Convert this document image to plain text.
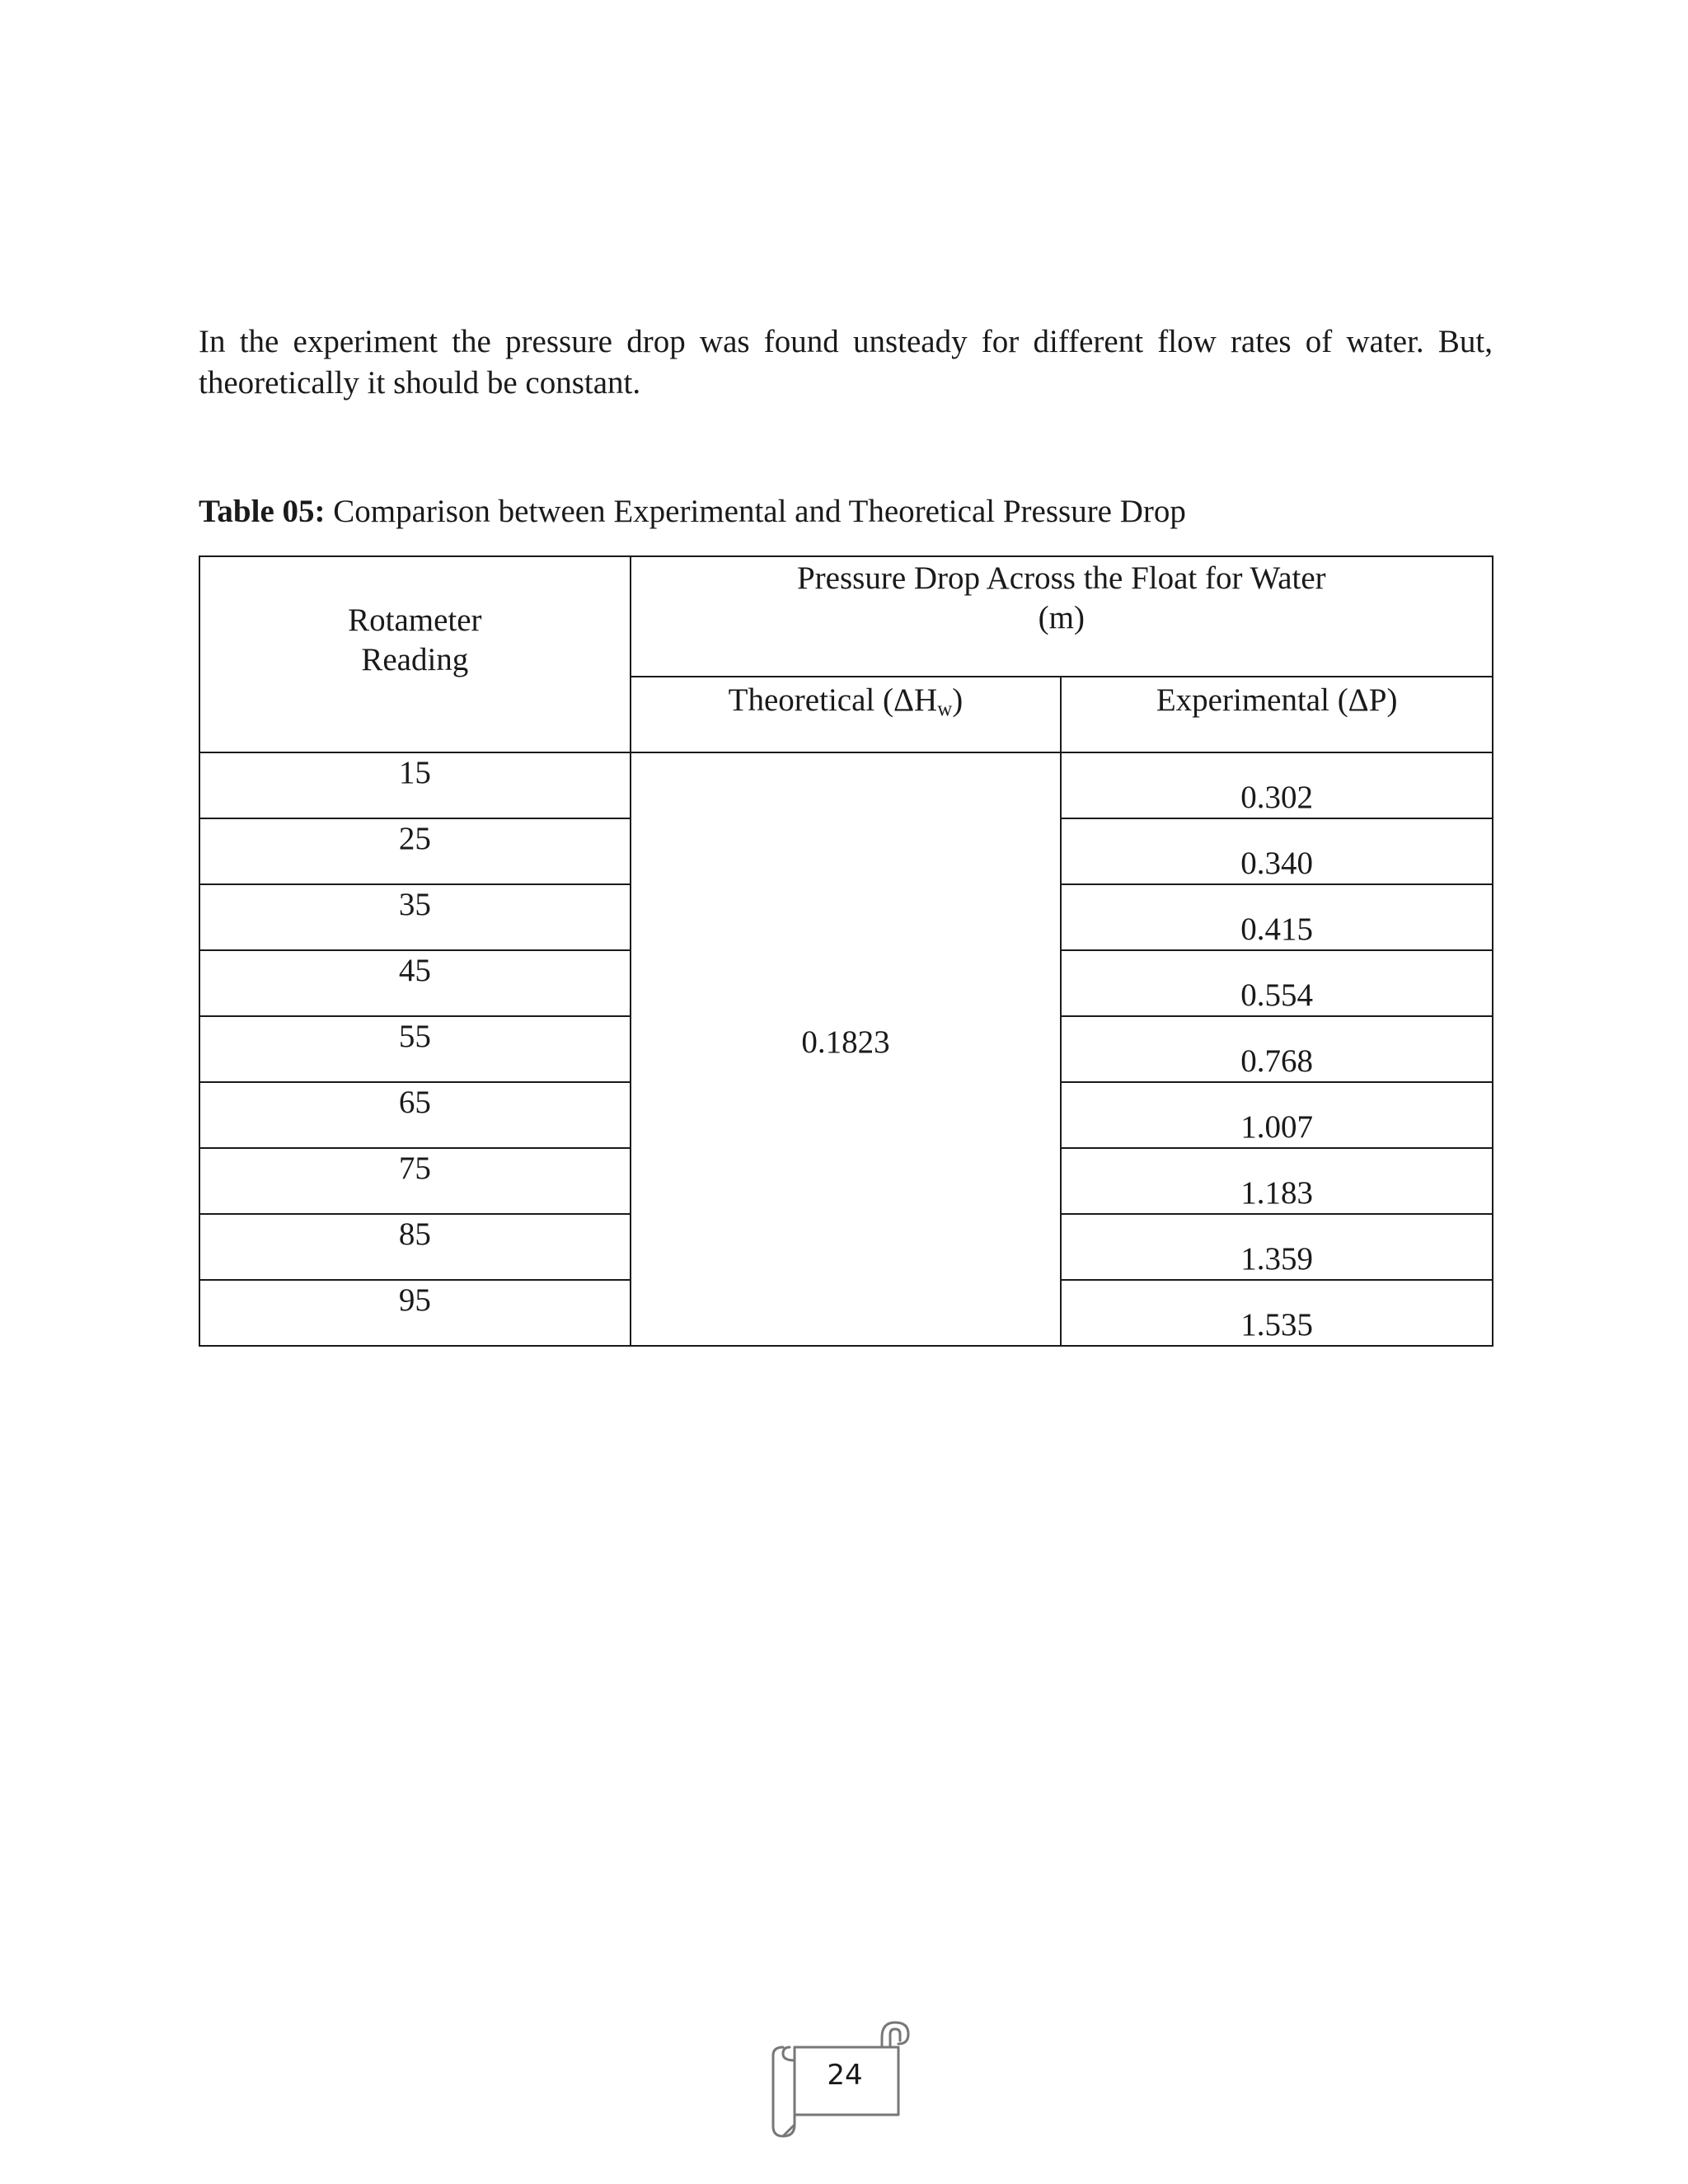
In the experiment the pressure drop was found unsteady for different flow rates of water. But, theoretically it should be constant.

Table 05: Comparison between Experimental and Theoretical Pressure Drop

Rotameter
Reading	Pressure Drop Across the Float for Water
(m)	

	Theoretical $(\Delta H_w)$	Experimental (ΔP)
15	0.1823	0.302
25		0.340
35		0.415
45		0.554
55		0.768
65		1.007
75		1.183
85		1.359
95		1.535
24
